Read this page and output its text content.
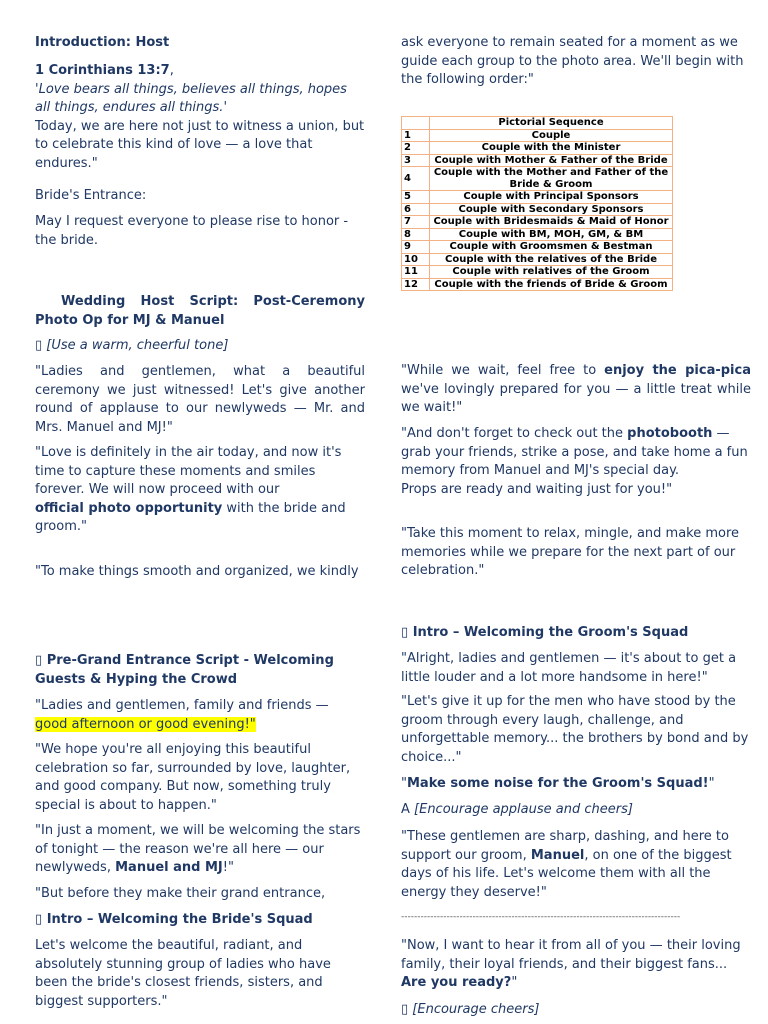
Introduction: Host

1 Corinthians 13:7,
'Love bears all things, believes all things, hopes all things, endures all things.'
Today, we are here not just to witness a union, but to celebrate this kind of love — a love that endures."

Bride's Entrance:

May I request everyone to please rise to honor - the bride.

Wedding Host Script: Post-Ceremony Photo Op for MJ & Manuel

▯ [Use a warm, cheerful tone]

"Ladies and gentlemen, what a beautiful ceremony we just witnessed! Let's give another round of applause to our newlyweds — Mr. and Mrs. Manuel and MJ!"

"Love is definitely in the air today, and now it's time to capture these moments and smiles
forever. We will now proceed with our
official photo opportunity with the bride and groom."

"To make things smooth and organized, we kindly

▯ Pre-Grand Entrance Script - Welcoming Guests & Hyping the Crowd

"Ladies and gentlemen, family and friends —
good afternoon or good evening!"

"We hope you're all enjoying this beautiful celebration so far, surrounded by love, laughter, and good company. But now, something truly special is about to happen."

"In just a moment, we will be welcoming the stars of tonight — the reason we're all here — our newlyweds, Manuel and MJ!"

"But before they make their grand entrance,

▯ Intro – Welcoming the Bride's Squad

Let's welcome the beautiful, radiant, and absolutely stunning group of ladies who have been the bride's closest friends, sisters, and biggest supporters."

ask everyone to remain seated for a moment as we guide each group to the photo area. We'll begin with the following order:"

	Pictorial Sequence
1	Couple
2	Couple with the Minister
3	Couple with Mother & Father of the Bride
4	Couple with the Mother and Father of the Bride & Groom
5	Couple with Principal Sponsors
6	Couple with Secondary Sponsors
7	Couple with Bridesmaids & Maid of Honor
8	Couple with BM, MOH, GM, & BM
9	Couple with Groomsmen & Bestman
10	Couple with the relatives of the Bride
11	Couple with relatives of the Groom
12	Couple with the friends of Bride & Groom

"While we wait, feel free to enjoy the pica-pica we've lovingly prepared for you — a little treat while we wait!"

"And don't forget to check out the photobooth — grab your friends, strike a pose, and take home a fun memory from Manuel and MJ's special day.
Props are ready and waiting just for you!"

"Take this moment to relax, mingle, and make more memories while we prepare for the next part of our celebration."

▯ Intro – Welcoming the Groom's Squad

"Alright, ladies and gentlemen — it's about to get a little louder and a lot more handsome in here!"

"Let's give it up for the men who have stood by the groom through every laugh, challenge, and unforgettable memory... the brothers by bond and by choice..."

"Make some noise for the Groom's Squad!"

A [Encourage applause and cheers]

"These gentlemen are sharp, dashing, and here to support our groom, Manuel, on one of the biggest days of his life. Let's welcome them with all the energy they deserve!"

--------------------------------------------------------------------------------------

"Now, I want to hear it from all of you — their loving family, their loyal friends, and their biggest fans... Are you ready?"

▯ [Encourage cheers]
